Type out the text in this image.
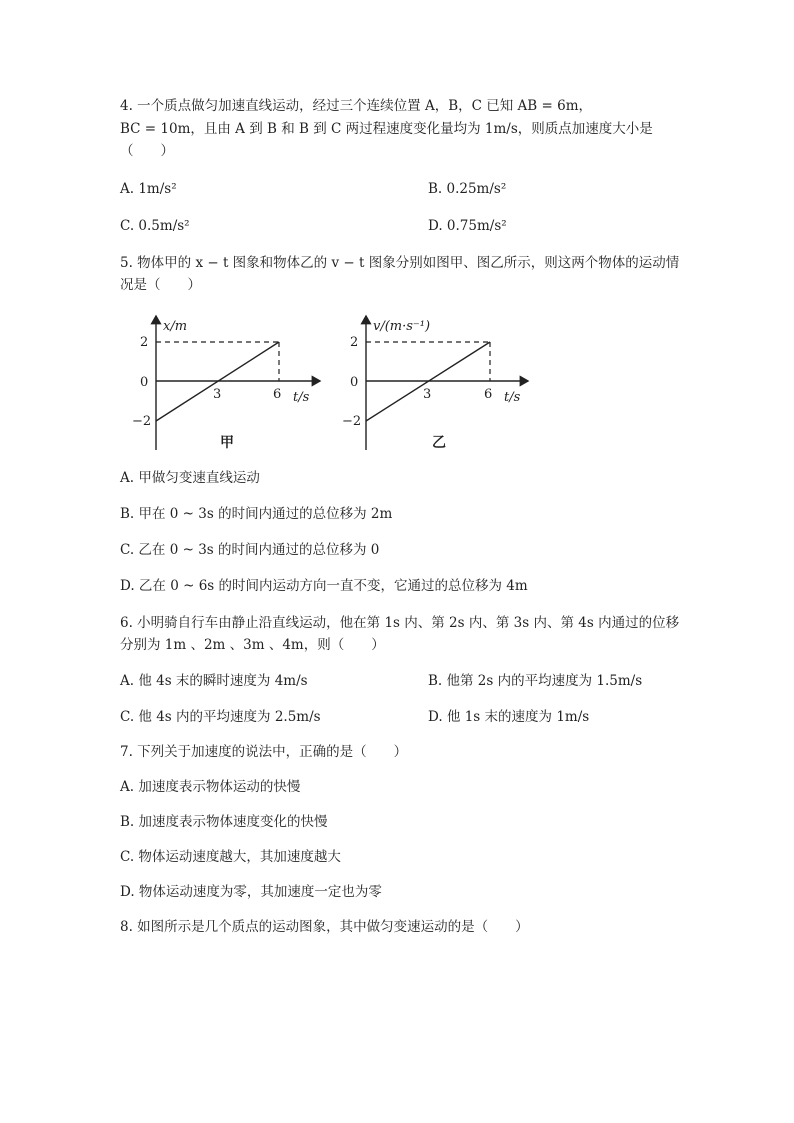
4. 一个质点做匀加速直线运动，经过三个连续位置 A，B，C 已知 AB = 6m，
BC = 10m，且由 A 到 B 和 B 到 C 两过程速度变化量均为 1m/s，则质点加速度大小是
（　　）
A. 1m/s²	B. 0.25m/s²
C. 0.5m/s²	D. 0.75m/s²
5. 物体甲的 x − t 图象和物体乙的 v − t 图象分别如图甲、图乙所示，则这两个物体的运动情
况是（　　）
x/m
2
0
−2
3	6 t/s
甲
v/(m·s⁻¹)
2
0
−2
3	6 t/s
乙
A. 甲做匀变速直线运动
B. 甲在 0 ~ 3s 的时间内通过的总位移为 2m
C. 乙在 0 ~ 3s 的时间内通过的总位移为 0
D. 乙在 0 ~ 6s 的时间内运动方向一直不变，它通过的总位移为 4m
6. 小明骑自行车由静止沿直线运动，他在第 1s 内、第 2s 内、第 3s 内、第 4s 内通过的位移
分别为 1m 、2m 、3m 、4m，则（　　）
A. 他 4s 末的瞬时速度为 4m/s	B. 他第 2s 内的平均速度为 1.5m/s
C. 他 4s 内的平均速度为 2.5m/s	D. 他 1s 末的速度为 1m/s
7. 下列关于加速度的说法中，正确的是（　　）
A. 加速度表示物体运动的快慢
B. 加速度表示物体速度变化的快慢
C. 物体运动速度越大，其加速度越大
D. 物体运动速度为零，其加速度一定也为零
8. 如图所示是几个质点的运动图象，其中做匀变速运动的是（　　）
